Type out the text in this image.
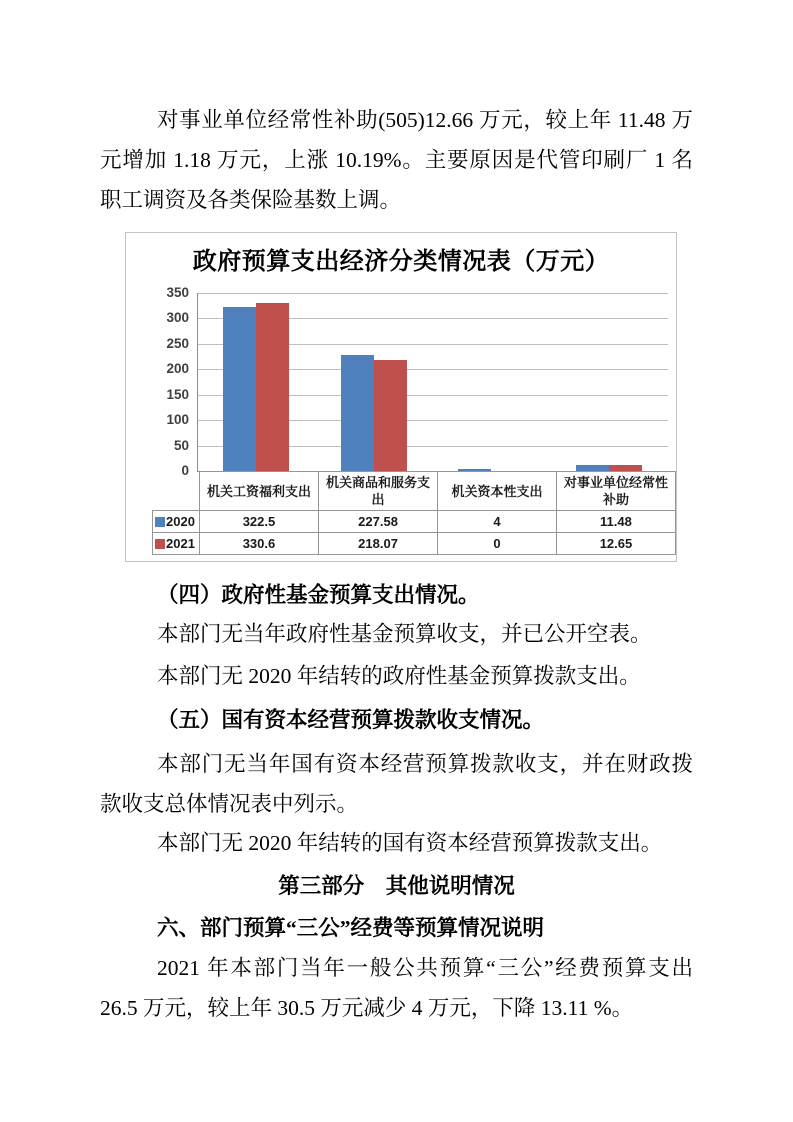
对事业单位经常性补助(505)12.66 万元，较上年 11.48 万元增加 1.18 万元，上涨 10.19%。主要原因是代管印刷厂 1 名职工调资及各类保险基数上调。
政府预算支出经济分类情况表（万元）
0
50
100
150
200
250
300
350
	机关工资福利支出	机关商品和服务支出	机关资本性支出	对事业单位经常性补助
2020	322.5	227.58	4	11.48
2021	330.6	218.07	0	12.65
（四）政府性基金预算支出情况。
本部门无当年政府性基金预算收支，并已公开空表。
本部门无 2020 年结转的政府性基金预算拨款支出。
（五）国有资本经营预算拨款收支情况。
本部门无当年国有资本经营预算拨款收支，并在财政拨款收支总体情况表中列示。
本部门无 2020 年结转的国有资本经营预算拨款支出。
第三部分　其他说明情况
六、部门预算“三公”经费等预算情况说明
2021 年本部门当年一般公共预算“三公”经费预算支出 26.5 万元，较上年 30.5 万元减少 4 万元，下降 13.11 %。
